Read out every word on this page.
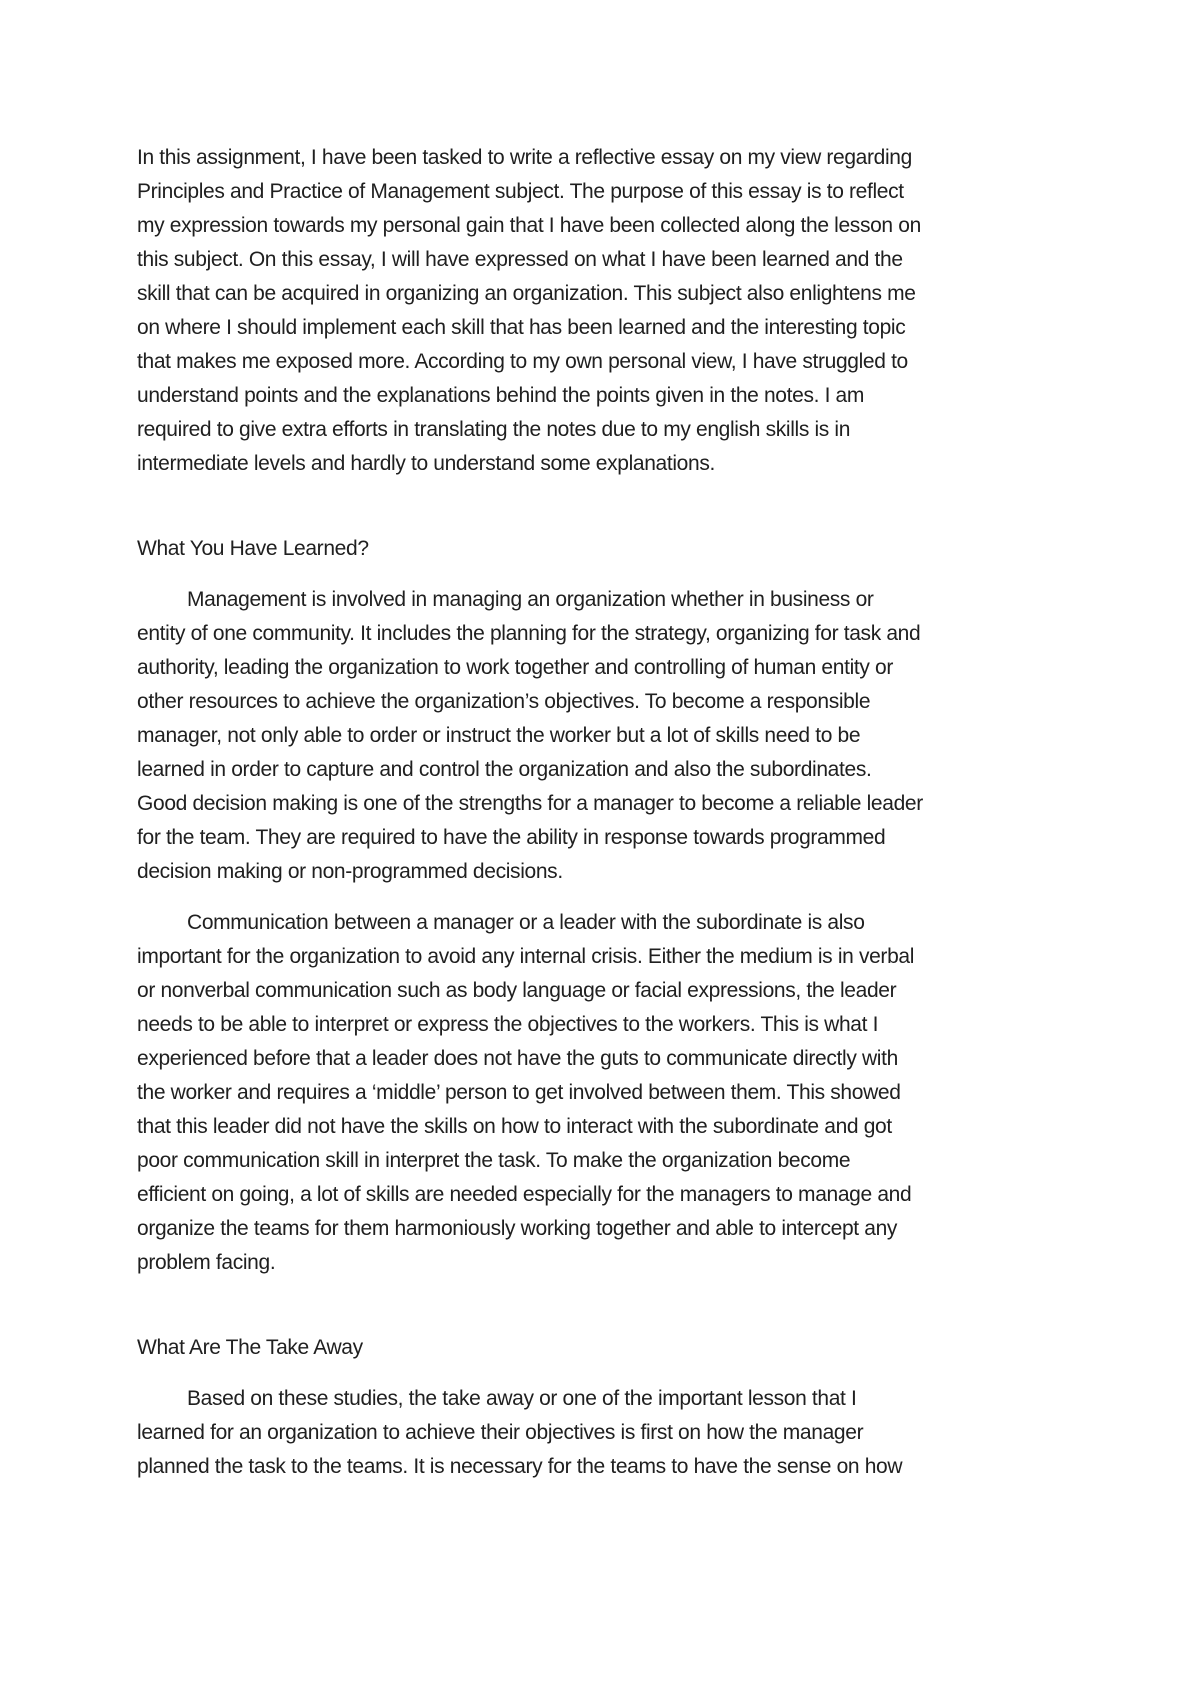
In this assignment, I have been tasked to write a reflective essay on my view regarding
Principles and Practice of Management subject. The purpose of this essay is to reflect
my expression towards my personal gain that I have been collected along the lesson on
this subject. On this essay, I will have expressed on what I have been learned and the
skill that can be acquired in organizing an organization. This subject also enlightens me
on where I should implement each skill that has been learned and the interesting topic
that makes me exposed more. According to my own personal view, I have struggled to
understand points and the explanations behind the points given in the notes. I am
required to give extra efforts in translating the notes due to my english skills is in
intermediate levels and hardly to understand some explanations.
What You Have Learned?
Management is involved in managing an organization whether in business or
entity of one community. It includes the planning for the strategy, organizing for task and
authority, leading the organization to work together and controlling of human entity or
other resources to achieve the organization’s objectives. To become a responsible
manager, not only able to order or instruct the worker but a lot of skills need to be
learned in order to capture and control the organization and also the subordinates.
Good decision making is one of the strengths for a manager to become a reliable leader
for the team. They are required to have the ability in response towards programmed
decision making or non-programmed decisions.
Communication between a manager or a leader with the subordinate is also
important for the organization to avoid any internal crisis. Either the medium is in verbal
or nonverbal communication such as body language or facial expressions, the leader
needs to be able to interpret or express the objectives to the workers. This is what I
experienced before that a leader does not have the guts to communicate directly with
the worker and requires a ‘middle’ person to get involved between them. This showed
that this leader did not have the skills on how to interact with the subordinate and got
poor communication skill in interpret the task. To make the organization become
efficient on going, a lot of skills are needed especially for the managers to manage and
organize the teams for them harmoniously working together and able to intercept any
problem facing.
What Are The Take Away
Based on these studies, the take away or one of the important lesson that I
learned for an organization to achieve their objectives is first on how the manager
planned the task to the teams. It is necessary for the teams to have the sense on how
